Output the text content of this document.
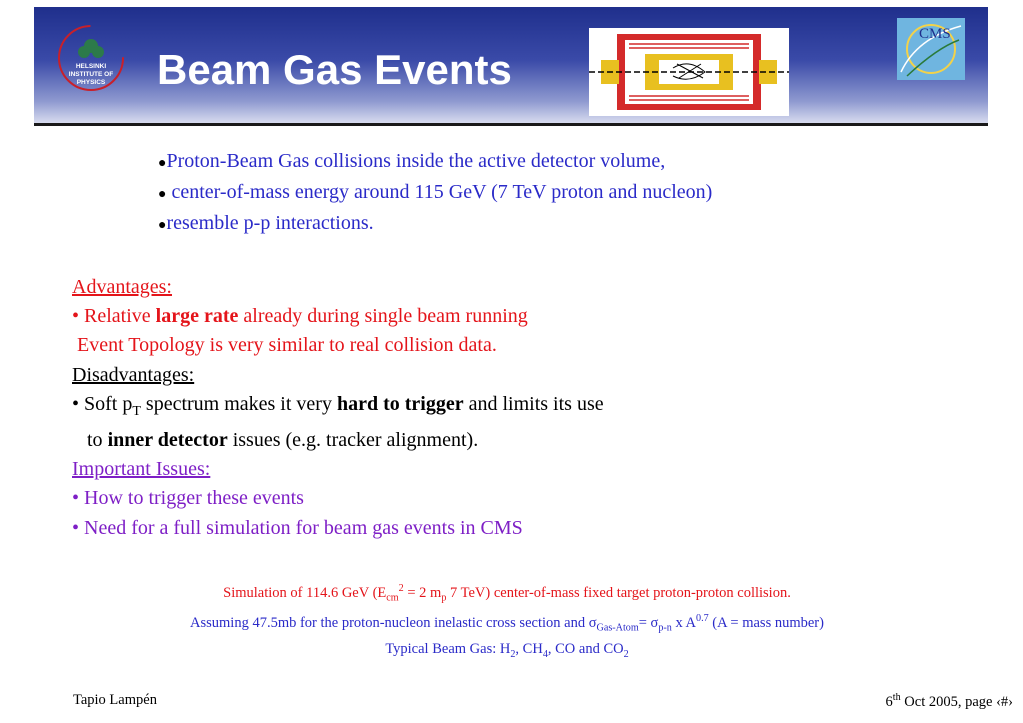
HELSINKI
INSTITUTE OF
PHYSICS Beam Gas Events
CMS
●Proton-Beam Gas collisions inside the active detector volume,
● center-of-mass energy around 115 GeV (7 TeV proton and nucleon)
●resemble p-p interactions.
Advantages:
• Relative large rate already during single beam running
Event Topology is very similar to real collision data.
Disadvantages:
• Soft $p_T$ spectrum makes it very hard to trigger and limits its use
to inner detector issues (e.g. tracker alignment).
Important Issues:
• How to trigger these events
• Need for a full simulation for beam gas events in CMS
Simulation of 114.6 GeV ($E_{cm}^2 = 2$ $m_p$ 7 TeV) center-of-mass fixed target proton-proton collision.
Assuming 47.5mb for the proton-nucleon inelastic cross section and $\sigma_{Gas-Atom}= \sigma_{p-n}$ x $A^{0.7}$ (A = mass number)
Typical Beam Gas: $H_2$, $CH_4$, CO and $CO_2$
Tapio Lampén	6th Oct 2005, page ‹#›
